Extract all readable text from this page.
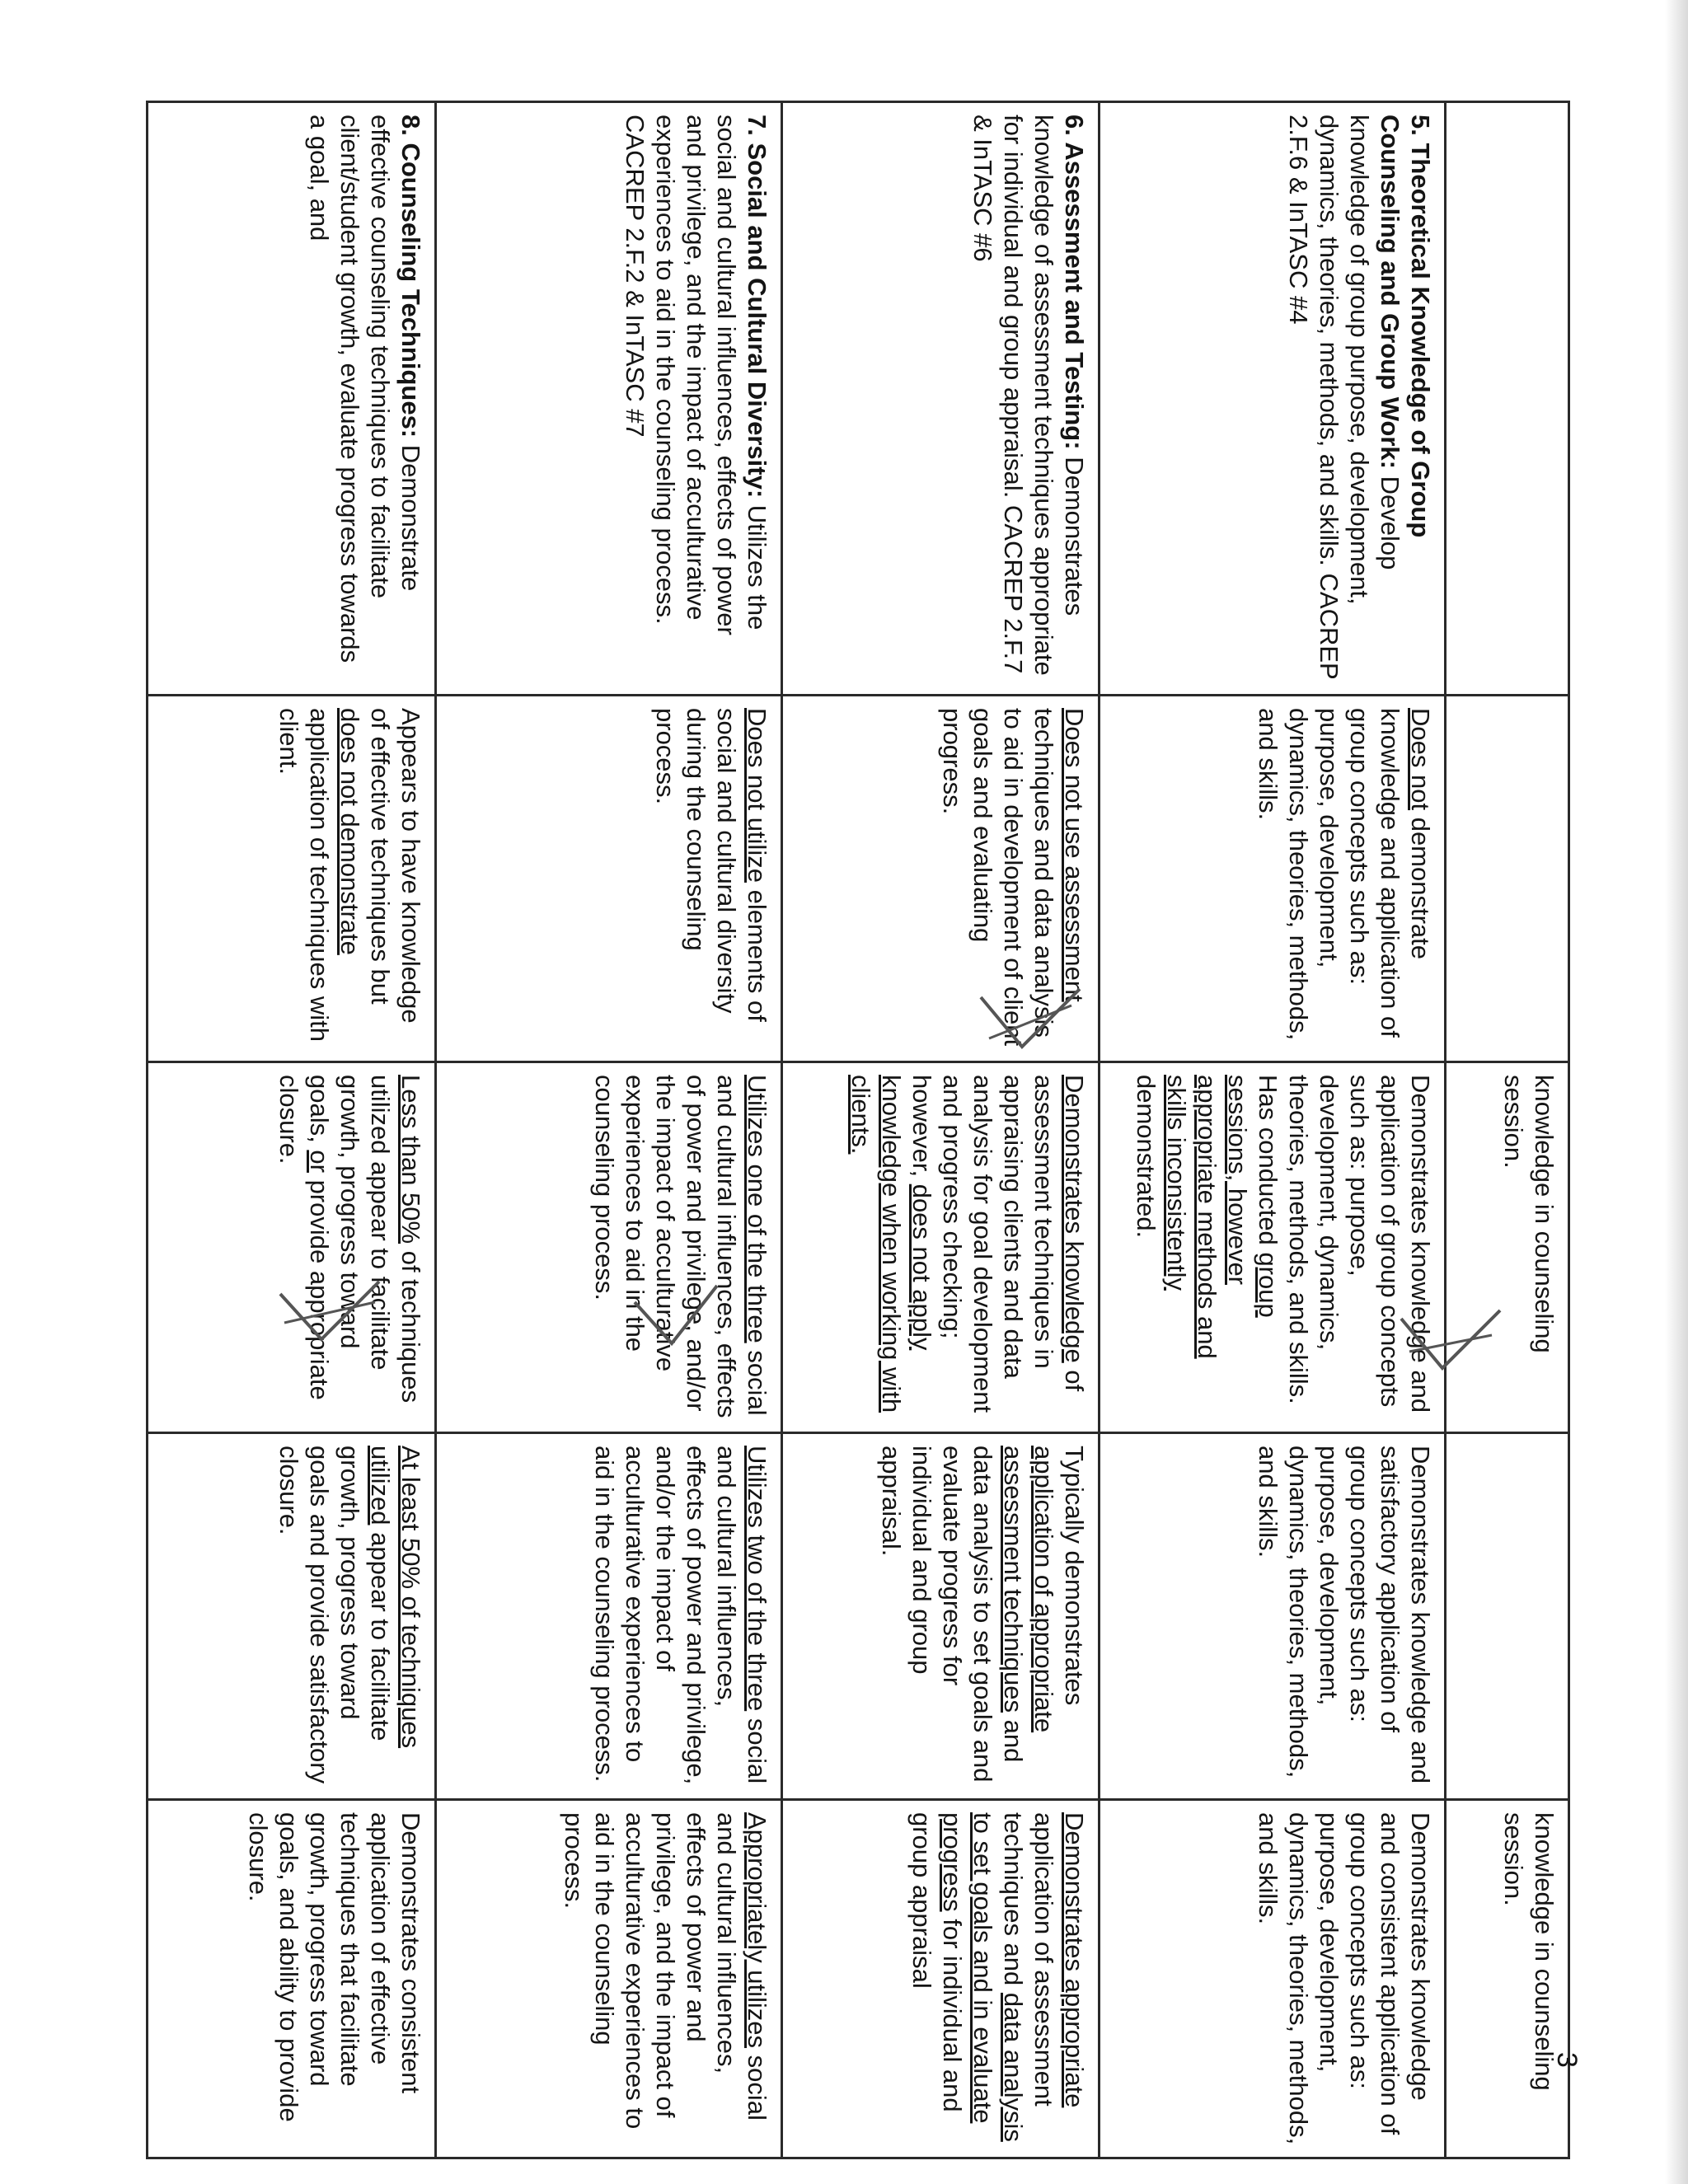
		knowledge in counseling session.		knowledge in counseling session.
5. Theoretical Knowledge of Group Counseling and Group Work: Develop knowledge of group purpose, development, dynamics, theories, methods, and skills. CACREP 2.F.6 & InTASC #4	Does not demonstrate knowledge and application of group concepts such as: purpose, development, dynamics, theories, methods, and skills.	Demonstrates knowledge and application of group concepts such as: purpose, development, dynamics, theories, methods, and skills. Has conducted group sessions, however appropriate methods and skills inconsistently demonstrated.	Demonstrates knowledge and satisfactory application of group concepts such as: purpose, development, dynamics, theories, methods, and skills.	Demonstrates knowledge and consistent application of group concepts such as: purpose, development, dynamics, theories, methods, and skills.
6. Assessment and Testing: Demonstrates knowledge of assessment techniques appropriate for individual and group appraisal. CACREP 2.F.7 & InTASC #6	Does not use assessment techniques and data analysis to aid in development of client goals and evaluating progress.	Demonstrates knowledge of assessment techniques in appraising clients and data analysis for goal development and progress checking; however, does not apply knowledge when working with clients.	Typically demonstrates application of appropriate assessment techniques and data analysis to set goals and evaluate progress for individual and group appraisal.	Demonstrates appropriate application of assessment techniques and data analysis to set goals and in evaluate progress for individual and group appraisal
7. Social and Cultural Diversity: Utilizes the social and cultural influences, effects of power and privilege, and the impact of acculturative experiences to aid in the counseling process. CACREP 2.F.2 & InTASC #7	Does not utilize elements of social and cultural diversity during the counseling process.	Utilizes one of the three social and cultural influences, effects of power and privilege, and/or the impact of acculturative experiences to aid in the counseling process.	Utilizes two of the three social and cultural influences, effects of power and privilege, and/or the impact of acculturative experiences to aid in the counseling process.	Appropriately utilizes social and cultural influences, effects of power and privilege, and the impact of acculturative experiences to aid in the counseling process.
8. Counseling Techniques: Demonstrate effective counseling techniques to facilitate client/student growth, evaluate progress towards a goal, and	Appears to have knowledge of effective techniques but does not demonstrate application of techniques with client.	Less than 50% of techniques utilized appear to facilitate growth, progress toward goals, or provide appropriate closure.	At least 50% of techniques utilized appear to facilitate growth, progress toward goals and provide satisfactory closure.	Demonstrates consistent application of effective techniques that facilitate growth, progress toward goals, and ability to provide closure.
3
